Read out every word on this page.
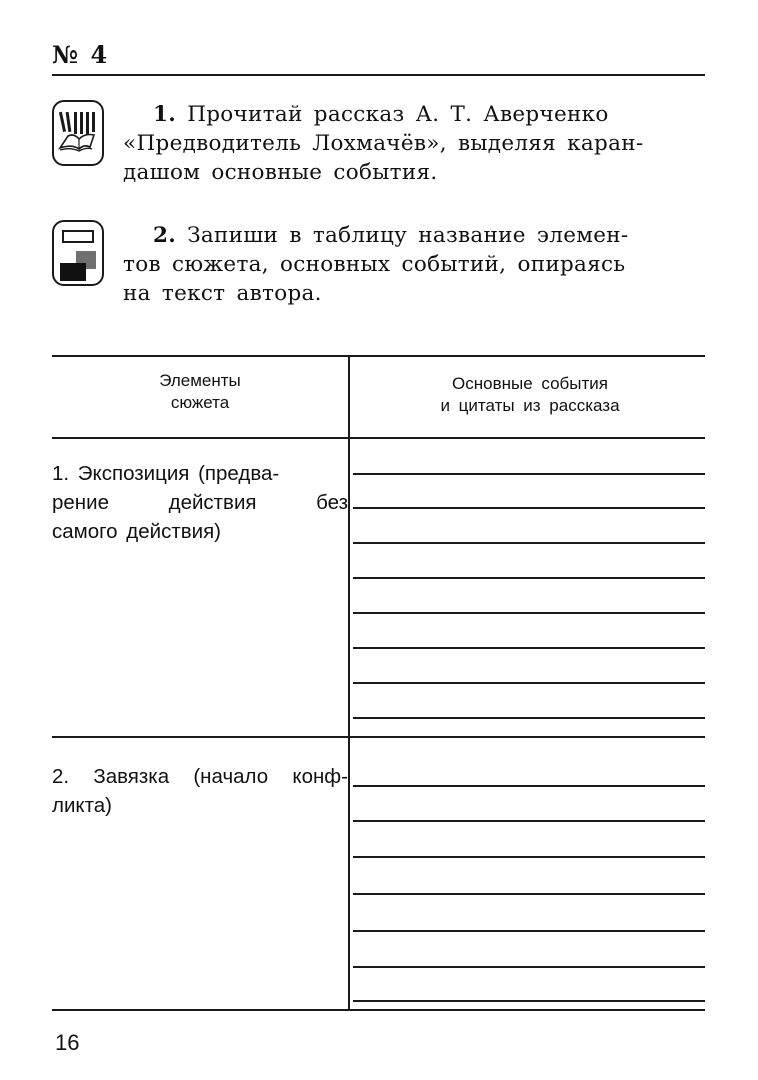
№ 4
1. Прочитай рассказ А. Т. Аверченко
«Предводитель Лохмачёв», выделяя каран-
дашом основные события.
2. Запиши в таблицу название элемен-
тов сюжета, основных событий, опираясь
на текст автора.
Элементы
сюжета
Основные события
и цитаты из рассказа
1. Экспозиция (предва-
рение действия без
самого действия)
2. Завязка (начало конф-
ликта)
16
